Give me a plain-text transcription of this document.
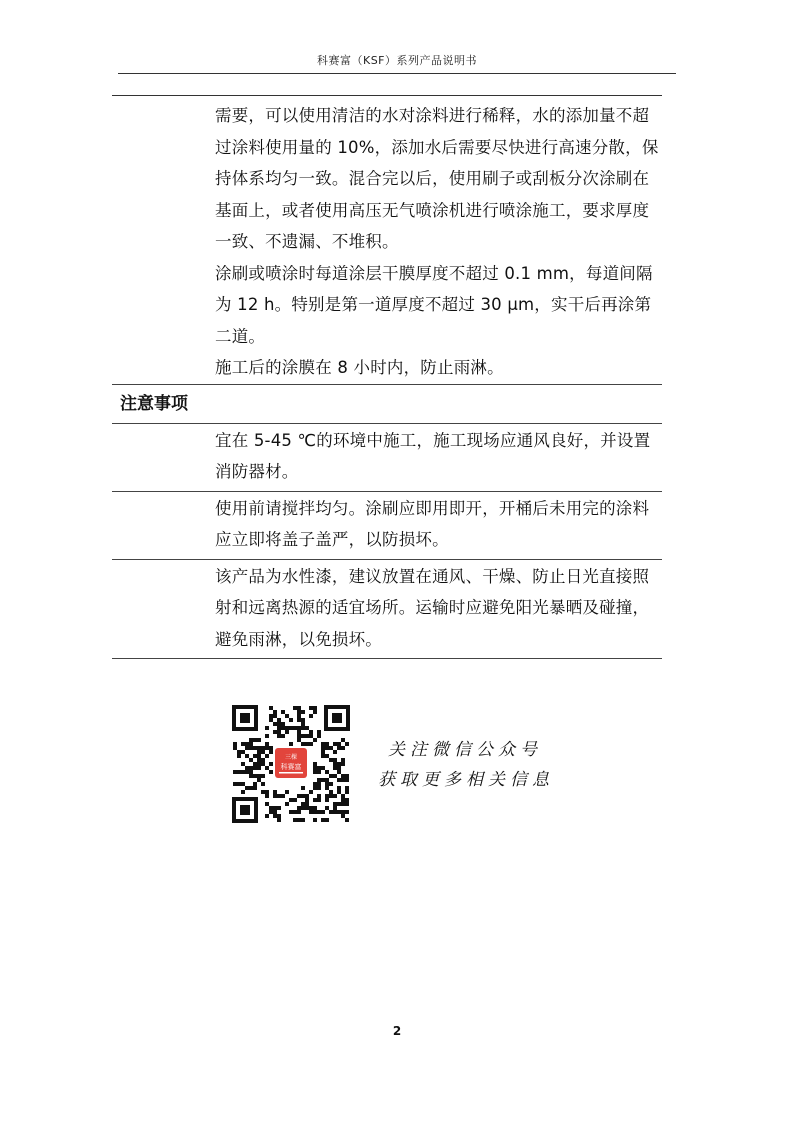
科赛富（KSF）系列产品说明书

需要，可以使用清洁的水对涂料进行稀释，水的添加量不超过涂料使用量的 10%，添加水后需要尽快进行高速分散，保持体系均匀一致。混合完以后，使用刷子或刮板分次涂刷在基面上，或者使用高压无气喷涂机进行喷涂施工，要求厚度一致、不遗漏、不堆积。

涂刷或喷涂时每道涂层干膜厚度不超过 0.1 mm，每道间隔为 12 h。特别是第一道厚度不超过 30 μm，实干后再涂第二道。

施工后的涂膜在 8 小时内，防止雨淋。

注意事项

宜在 5-45 ℃的环境中施工，施工现场应通风良好，并设置消防器材。

使用前请搅拌均匀。涂刷应即用即开，开桶后未用完的涂料应立即将盖子盖严，以防损坏。

该产品为水性漆，建议放置在通风、干燥、防止日光直接照射和远离热源的适宜场所。运输时应避免阳光暴晒及碰撞，避免雨淋，以免损坏。

三棵
科赛富
关注微信公众号
获取更多相关信息
2
